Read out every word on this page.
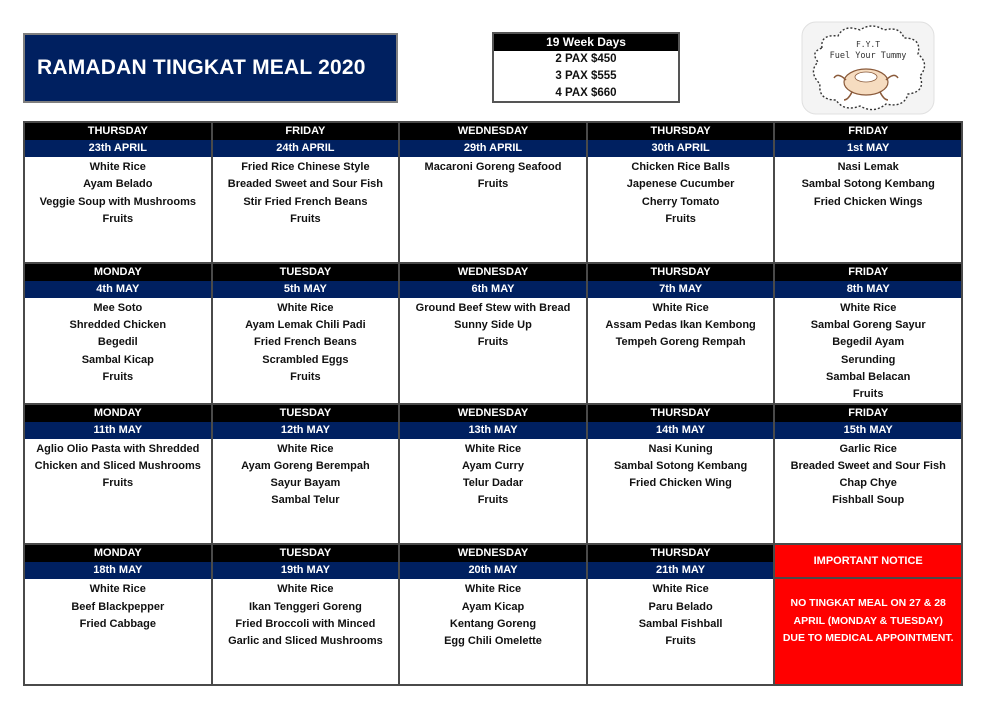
RAMADAN TINGKAT MEAL 2020
19 Week Days
2 PAX $450
3 PAX $555
4 PAX $660
F.Y.T
Fuel Your Tummy
THURSDAY
23th APRIL
White Rice
Ayam Belado
Veggie Soup with Mushrooms
Fruits
FRIDAY
24th APRIL
Fried Rice Chinese Style
Breaded Sweet and Sour Fish
Stir Fried French Beans
Fruits
WEDNESDAY
29th APRIL
Macaroni Goreng Seafood
Fruits
THURSDAY
30th APRIL
Chicken Rice Balls
Japenese Cucumber
Cherry Tomato
Fruits
FRIDAY
1st MAY
Nasi Lemak
Sambal Sotong Kembang
Fried Chicken Wings
MONDAY
4th MAY
Mee Soto
Shredded Chicken
Begedil
Sambal Kicap
Fruits
TUESDAY
5th MAY
White Rice
Ayam Lemak Chili Padi
Fried French Beans
Scrambled Eggs
Fruits
WEDNESDAY
6th MAY
Ground Beef Stew with Bread
Sunny Side Up
Fruits
THURSDAY
7th MAY
White Rice
Assam Pedas Ikan Kembong
Tempeh Goreng Rempah
FRIDAY
8th MAY
White Rice
Sambal Goreng Sayur
Begedil Ayam
Serunding
Sambal Belacan
Fruits
MONDAY
11th MAY
Aglio Olio Pasta with Shredded
Chicken and Sliced Mushrooms
Fruits
TUESDAY
12th MAY
White Rice
Ayam Goreng Berempah
Sayur Bayam
Sambal Telur
WEDNESDAY
13th MAY
White Rice
Ayam Curry
Telur Dadar
Fruits
THURSDAY
14th MAY
Nasi Kuning
Sambal Sotong Kembang
Fried Chicken Wing
FRIDAY
15th MAY
Garlic Rice
Breaded Sweet and Sour Fish
Chap Chye
Fishball Soup
MONDAY
18th MAY
White Rice
Beef Blackpepper
Fried Cabbage
TUESDAY
19th MAY
White Rice
Ikan Tenggeri Goreng
Fried Broccoli with Minced
Garlic and Sliced Mushrooms
WEDNESDAY
20th MAY
White Rice
Ayam Kicap
Kentang Goreng
Egg Chili Omelette
THURSDAY
21th MAY
White Rice
Paru Belado
Sambal Fishball
Fruits
IMPORTANT NOTICE
NO TINGKAT MEAL ON 27 & 28 APRIL (MONDAY & TUESDAY) DUE TO MEDICAL APPOINTMENT.
